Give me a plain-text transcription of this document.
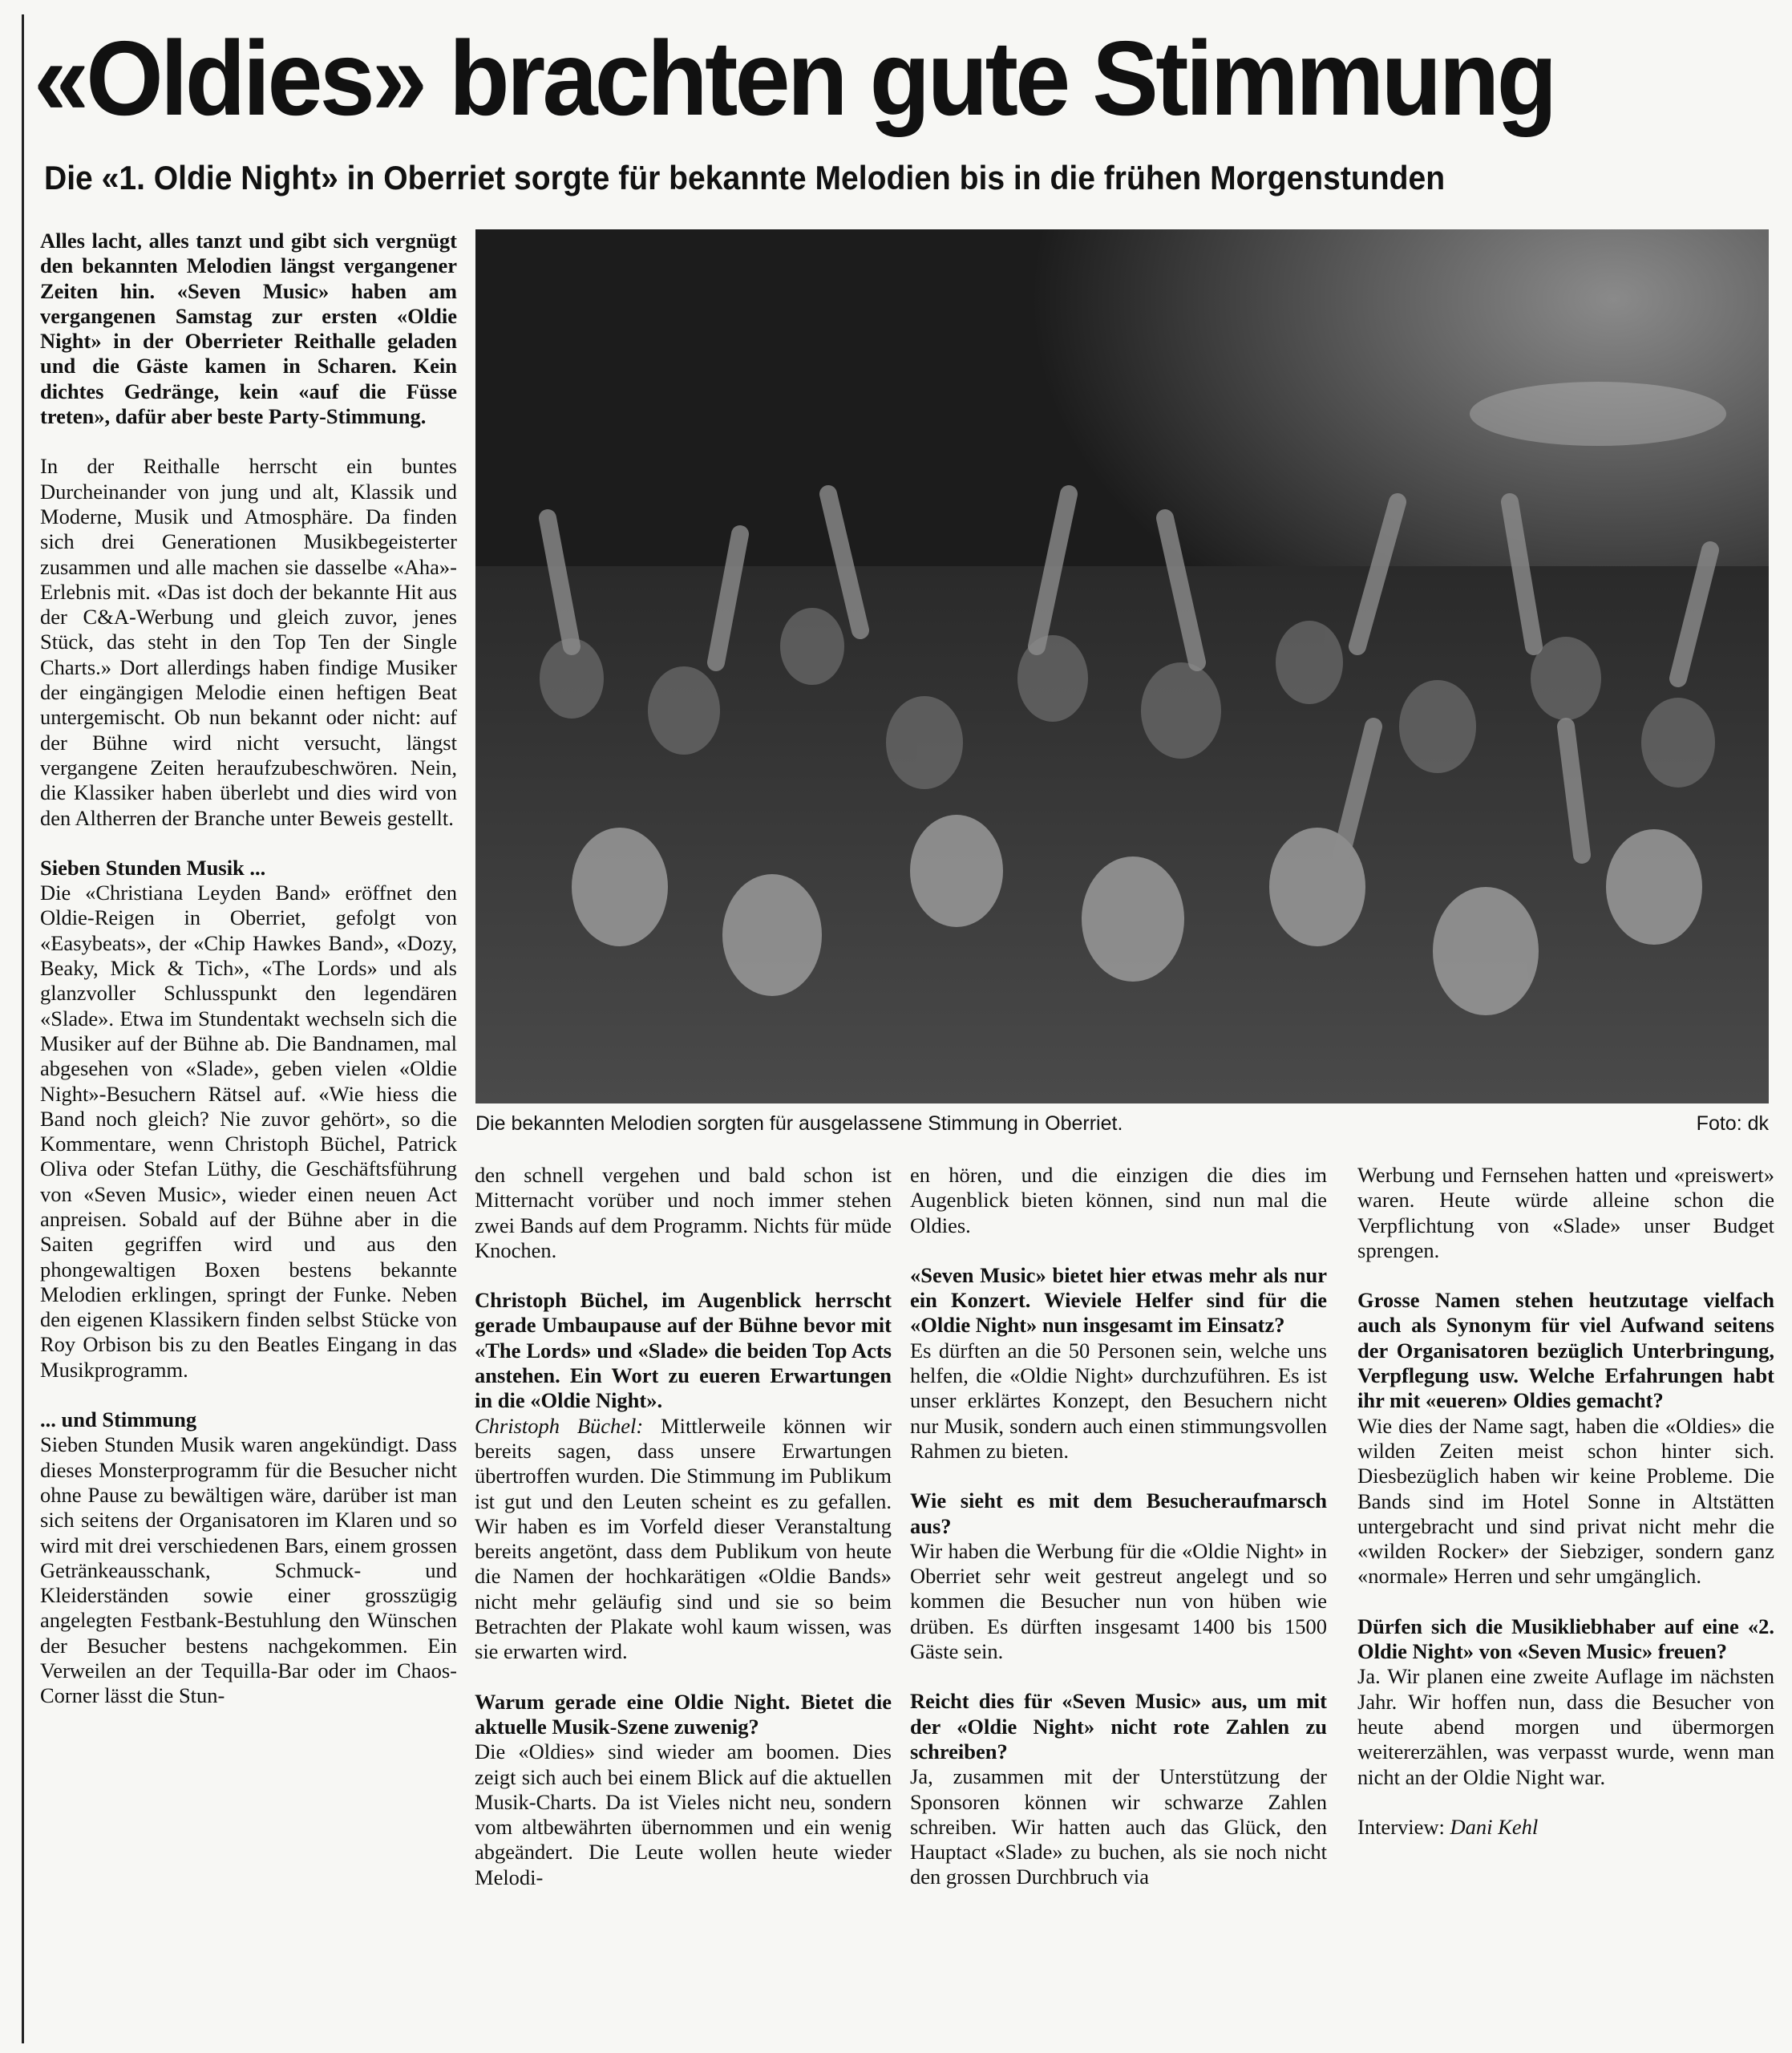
«Oldies» brachten gute Stimmung
Die «1. Oldie Night» in Oberriet sorgte für bekannte Melodien bis in die frühen Morgenstunden
Die bekannten Melodien sorgten für ausgelassene Stimmung in Oberriet.	Foto: dk

Alles lacht, alles tanzt und gibt sich vergnügt den bekannten Melodien längst vergangener Zeiten hin. «Seven Music» haben am vergangenen Samstag zur ersten «Oldie Night» in der Oberrieter Reithalle geladen und die Gäste kamen in Scharen. Kein dichtes Gedränge, kein «auf die Füsse treten», dafür aber beste Party-Stimmung.

In der Reithalle herrscht ein buntes Durcheinander von jung und alt, Klassik und Moderne, Musik und Atmosphäre. Da finden sich drei Generationen Musikbegeisterter zusammen und alle machen sie dasselbe «Aha»-Erlebnis mit. «Das ist doch der bekannte Hit aus der C&A-Werbung und gleich zuvor, jenes Stück, das steht in den Top Ten der Single Charts.» Dort allerdings haben findige Musiker der eingängigen Melodie einen heftigen Beat untergemischt. Ob nun bekannt oder nicht: auf der Bühne wird nicht versucht, längst vergangene Zeiten heraufzubeschwören. Nein, die Klassiker haben überlebt und dies wird von den Altherren der Branche unter Beweis gestellt.

Sieben Stunden Musik ...

Die «Christiana Leyden Band» eröffnet den Oldie-Reigen in Oberriet, gefolgt von «Easybeats», der «Chip Hawkes Band», «Dozy, Beaky, Mick & Tich», «The Lords» und als glanzvoller Schlusspunkt den legendären «Slade». Etwa im Stundentakt wechseln sich die Musiker auf der Bühne ab. Die Bandnamen, mal abgesehen von «Slade», geben vielen «Oldie Night»-Besuchern Rätsel auf. «Wie hiess die Band noch gleich? Nie zuvor gehört», so die Kommentare, wenn Christoph Büchel, Patrick Oliva oder Stefan Lüthy, die Geschäftsführung von «Seven Music», wieder einen neuen Act anpreisen. Sobald auf der Bühne aber in die Saiten gegriffen wird und aus den phongewaltigen Boxen bestens bekannte Melodien erklingen, springt der Funke. Neben den eigenen Klassikern finden selbst Stücke von Roy Orbison bis zu den Beatles Eingang in das Musikprogramm.

... und Stimmung

Sieben Stunden Musik waren angekündigt. Dass dieses Monsterprogramm für die Besucher nicht ohne Pause zu bewältigen wäre, darüber ist man sich seitens der Organisatoren im Klaren und so wird mit drei verschiedenen Bars, einem grossen Getränkeausschank, Schmuck- und Kleiderständen sowie einer grosszügig angelegten Festbank-Bestuhlung den Wünschen der Besucher bestens nachgekommen. Ein Verweilen an der Tequilla-Bar oder im Chaos-Corner lässt die Stun-

den schnell vergehen und bald schon ist Mitternacht vorüber und noch immer stehen zwei Bands auf dem Programm. Nichts für müde Knochen.

Christoph Büchel, im Augenblick herrscht gerade Umbaupause auf der Bühne bevor mit «The Lords» und «Slade» die beiden Top Acts anstehen. Ein Wort zu eueren Erwartungen in die «Oldie Night».

Christoph Büchel: Mittlerweile können wir bereits sagen, dass unsere Erwartungen übertroffen wurden. Die Stimmung im Publikum ist gut und den Leuten scheint es zu gefallen. Wir haben es im Vorfeld dieser Veranstaltung bereits angetönt, dass dem Publikum von heute die Namen der hochkarätigen «Oldie Bands» nicht mehr geläufig sind und sie so beim Betrachten der Plakate wohl kaum wissen, was sie erwarten wird.

Warum gerade eine Oldie Night. Bietet die aktuelle Musik-Szene zuwenig?

Die «Oldies» sind wieder am boomen. Dies zeigt sich auch bei einem Blick auf die aktuellen Musik-Charts. Da ist Vieles nicht neu, sondern vom altbewährten übernommen und ein wenig abgeändert. Die Leute wollen heute wieder Melodi-

en hören, und die einzigen die dies im Augenblick bieten können, sind nun mal die Oldies.

«Seven Music» bietet hier etwas mehr als nur ein Konzert. Wieviele Helfer sind für die «Oldie Night» nun insgesamt im Einsatz?

Es dürften an die 50 Personen sein, welche uns helfen, die «Oldie Night» durchzuführen. Es ist unser erklärtes Konzept, den Besuchern nicht nur Musik, sondern auch einen stimmungsvollen Rahmen zu bieten.

Wie sieht es mit dem Besucheraufmarsch aus?

Wir haben die Werbung für die «Oldie Night» in Oberriet sehr weit gestreut angelegt und so kommen die Besucher nun von hüben wie drüben. Es dürften insgesamt 1400 bis 1500 Gäste sein.

Reicht dies für «Seven Music» aus, um mit der «Oldie Night» nicht rote Zahlen zu schreiben?

Ja, zusammen mit der Unterstützung der Sponsoren können wir schwarze Zahlen schreiben. Wir hatten auch das Glück, den Hauptact «Slade» zu buchen, als sie noch nicht den grossen Durchbruch via

Werbung und Fernsehen hatten und «preiswert» waren. Heute würde alleine schon die Verpflichtung von «Slade» unser Budget sprengen.

Grosse Namen stehen heutzutage vielfach auch als Synonym für viel Aufwand seitens der Organisatoren bezüglich Unterbringung, Verpflegung usw. Welche Erfahrungen habt ihr mit «eueren» Oldies gemacht?

Wie dies der Name sagt, haben die «Oldies» die wilden Zeiten meist schon hinter sich. Diesbezüglich haben wir keine Probleme. Die Bands sind im Hotel Sonne in Altstätten untergebracht und sind privat nicht mehr die «wilden Rocker» der Siebziger, sondern ganz «normale» Herren und sehr umgänglich.

Dürfen sich die Musikliebhaber auf eine «2. Oldie Night» von «Seven Music» freuen?

Ja. Wir planen eine zweite Auflage im nächsten Jahr. Wir hoffen nun, dass die Besucher von heute abend morgen und übermorgen weitererzählen, was verpasst wurde, wenn man nicht an der Oldie Night war.

Interview: Dani Kehl
